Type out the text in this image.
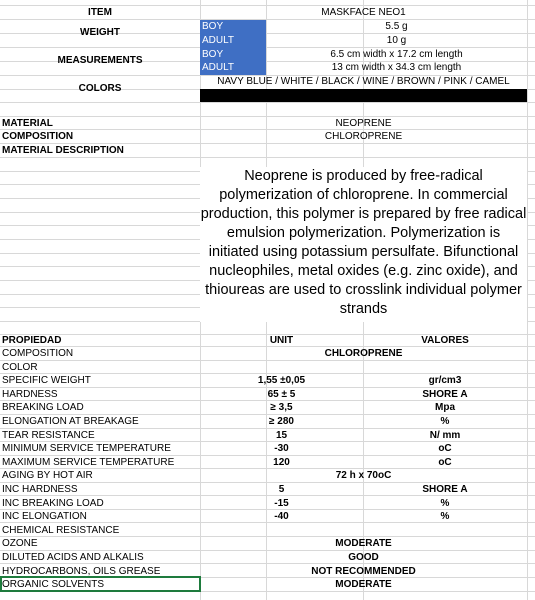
ITEM	MASKFACE NEO1
WEIGHT
BOY	5.5 g
ADULT	10 g
MEASUREMENTS
BOY	6.5 cm width x 17.2 cm length
ADULT	13 cm width x 34.3 cm length
COLORS
NAVY BLUE / WHITE / BLACK / WINE / BROWN / PINK / CAMEL
MATERIAL	NEOPRENE
COMPOSITION	CHLOROPRENE
MATERIAL DESCRIPTION
Neoprene is produced by free-radical polymerization of chloroprene. In commercial production, this polymer is prepared by free radical emulsion polymerization. Polymerization is initiated using potassium persulfate. Bifunctional nucleophiles, metal oxides (e.g. zinc oxide), and thioureas are used to crosslink individual polymer strands
PROPIEDAD	UNIT	VALORES
COMPOSITION	CHLOROPRENE
COLOR
SPECIFIC WEIGHT	1,55 ±0,05	gr/cm3
HARDNESS	65 ± 5	SHORE A
BREAKING LOAD	≥ 3,5	Mpa
ELONGATION AT BREAKAGE	≥ 280	%
TEAR RESISTANCE	15	N/ mm
MINIMUM SERVICE TEMPERATURE	-30	oC
MAXIMUM SERVICE TEMPERATURE	120	oC
AGING BY HOT AIR	72 h x 70oC
INC HARDNESS	5	SHORE A
INC BREAKING LOAD	-15	%
INC ELONGATION	-40	%
CHEMICAL RESISTANCE
OZONE	MODERATE
DILUTED ACIDS AND ALKALIS	GOOD
HYDROCARBONS, OILS GREASE	NOT RECOMMENDED
ORGANIC SOLVENTS	MODERATE
